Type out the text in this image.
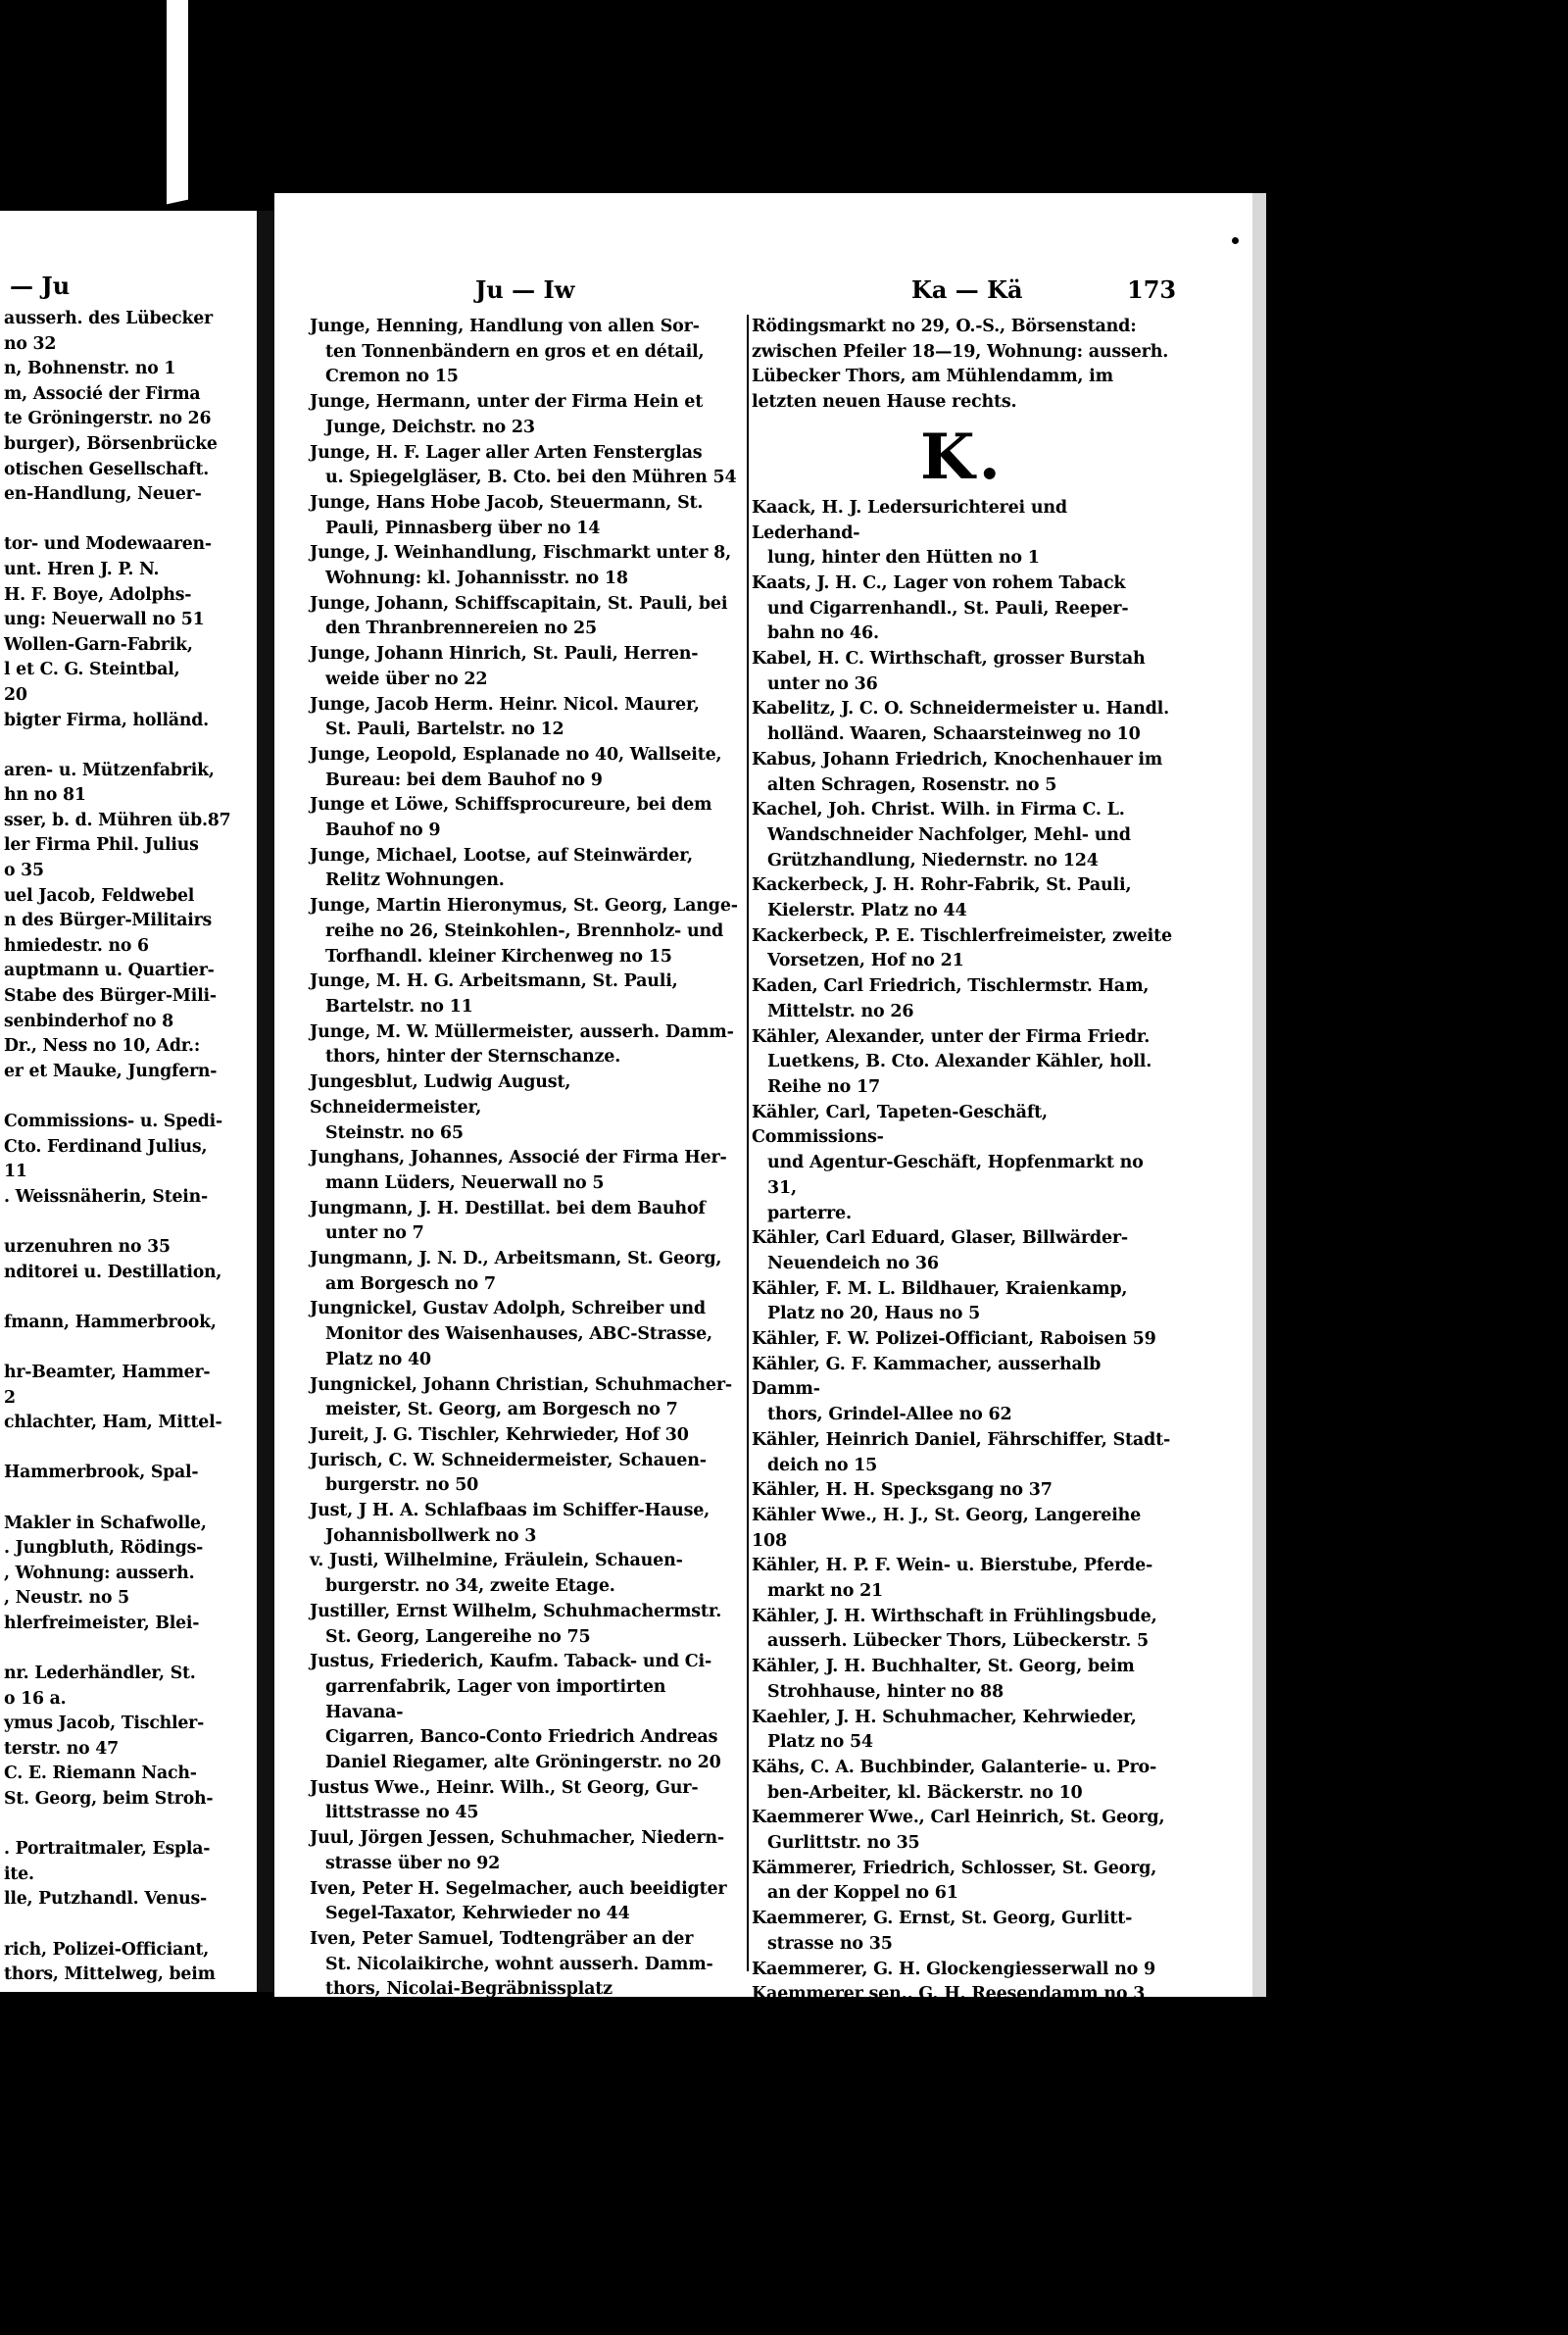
— Ju
ausserh. des Lübecker
no 32
n, Bohnenstr. no 1
m, Associé der Firma
te Gröningerstr. no 26
burger), Börsenbrücke
otischen Gesellschaft.
en-Handlung, Neuer-

tor- und Modewaaren-
unt. Hren J. P. N.
H. F. Boye, Adolphs-
ung: Neuerwall no 51
Wollen-Garn-Fabrik,
l et C. G. Steintbal,
20
bigter Firma, holländ.

aren- u. Mützenfabrik,
hn no 81
sser, b. d. Mühren üb.87
ler Firma Phil. Julius
o 35
uel Jacob, Feldwebel
n des Bürger-Militairs
hmiedestr. no 6
auptmann u. Quartier-
Stabe des Bürger-Mili-
senbinderhof no 8
Dr., Ness no 10, Adr.:
er et Mauke, Jungfern-

Commissions- u. Spedi-
Cto. Ferdinand Julius,
11
. Weissnäherin, Stein-

urzenuhren no 35
nditorei u. Destillation,

fmann, Hammerbrook,

hr-Beamter, Hammer-
2
chlachter, Ham, Mittel-

Hammerbrook, Spal-

Makler in Schafwolle,
. Jungbluth, Rödings-
, Wohnung: ausserh.
, Neustr. no 5
hlerfreimeister, Blei-

nr. Lederhändler, St.
o 16 a.
ymus Jacob, Tischler-
terstr. no 47
C. E. Riemann Nach-
St. Georg, beim Stroh-

. Portraitmaler, Espla-
ite.
lle, Putzhandl. Venus-

rich, Polizei-Officiant,
thors, Mittelweg, beim

, Glasermeister, kobe

andlung, neust. Fuhlen-
Ju — Iw	Ka — Kä	173
Junge, Henning, Handlung von allen Sor-
ten Tonnenbändern en gros et en détail,
Cremon no 15
Junge, Hermann, unter der Firma Hein et
Junge, Deichstr. no 23
Junge, H. F. Lager aller Arten Fensterglas
u. Spiegelgläser, B. Cto. bei den Mühren 54
Junge, Hans Hobe Jacob, Steuermann, St.
Pauli, Pinnasberg über no 14
Junge, J. Weinhandlung, Fischmarkt unter 8,
Wohnung: kl. Johannisstr. no 18
Junge, Johann, Schiffscapitain, St. Pauli, bei
den Thranbrennereien no 25
Junge, Johann Hinrich, St. Pauli, Herren-
weide über no 22
Junge, Jacob Herm. Heinr. Nicol. Maurer,
St. Pauli, Bartelstr. no 12
Junge, Leopold, Esplanade no 40, Wallseite,
Bureau: bei dem Bauhof no 9
Junge et Löwe, Schiffsprocureure, bei dem
Bauhof no 9
Junge, Michael, Lootse, auf Steinwärder,
Relitz Wohnungen.
Junge, Martin Hieronymus, St. Georg, Lange-
reihe no 26, Steinkohlen-, Brennholz- und
Torfhandl. kleiner Kirchenweg no 15
Junge, M. H. G. Arbeitsmann, St. Pauli,
Bartelstr. no 11
Junge, M. W. Müllermeister, ausserh. Damm-
thors, hinter der Sternschanze.
Jungesblut, Ludwig August, Schneidermeister,
Steinstr. no 65
Junghans, Johannes, Associé der Firma Her-
mann Lüders, Neuerwall no 5
Jungmann, J. H. Destillat. bei dem Bauhof
unter no 7
Jungmann, J. N. D., Arbeitsmann, St. Georg,
am Borgesch no 7
Jungnickel, Gustav Adolph, Schreiber und
Monitor des Waisenhauses, ABC-Strasse,
Platz no 40
Jungnickel, Johann Christian, Schuhmacher-
meister, St. Georg, am Borgesch no 7
Jureit, J. G. Tischler, Kehrwieder, Hof 30
Jurisch, C. W. Schneidermeister, Schauen-
burgerstr. no 50
Just, J H. A. Schlafbaas im Schiffer-Hause,
Johannisbollwerk no 3
v. Justi, Wilhelmine, Fräulein, Schauen-
burgerstr. no 34, zweite Etage.
Justiller, Ernst Wilhelm, Schuhmachermstr.
St. Georg, Langereihe no 75
Justus, Friederich, Kaufm. Taback- und Ci-
garrenfabrik, Lager von importirten Havana-
Cigarren, Banco-Conto Friedrich Andreas
Daniel Riegamer, alte Gröningerstr. no 20
Justus Wwe., Heinr. Wilh., St Georg, Gur-
littstrasse no 45
Juul, Jörgen Jessen, Schuhmacher, Niedern-
strasse über no 92
Iven, Peter H. Segelmacher, auch beeidigter
Segel-Taxator, Kehrwieder no 44
Iven, Peter Samuel, Todtengräber an der
St. Nicolaikirche, wohnt ausserh. Damm-
thors, Nicolai-Begräbnissplatz
Iven, Wilh. Segelmacher, Kehrwieder no 44
Iversen Wwe., Lorenz, St. Pauli, Heinrich-
strasse no 8
Iwersen, C. L. W. Commission u. Spedition,
Banco-Conto Carl Ludwig Wilhelm Iwer-
sen, General-Bevollmächtigter der kaiserl.
königl. priv. Azienda Assicuratrice, Feuer-,
Land- und Flusstransport- und Lebensver-
sicherungs Gesellschaft in Triest, Compt:
Rödingsmarkt no 29, O.-S., Börsenstand:
zwischen Pfeiler 18—19, Wohnung: ausserh.
Lübecker Thors, am Mühlendamm, im
letzten neuen Hause rechts.
K.
Kaack, H. J. Ledersurichterei und Lederhand-
lung, hinter den Hütten no 1
Kaats, J. H. C., Lager von rohem Taback
und Cigarrenhandl., St. Pauli, Reeper-
bahn no 46.
Kabel, H. C. Wirthschaft, grosser Burstah
unter no 36
Kabelitz, J. C. O. Schneidermeister u. Handl.
holländ. Waaren, Schaarsteinweg no 10
Kabus, Johann Friedrich, Knochenhauer im
alten Schragen, Rosenstr. no 5
Kachel, Joh. Christ. Wilh. in Firma C. L.
Wandschneider Nachfolger, Mehl- und
Grützhandlung, Niedernstr. no 124
Kackerbeck, J. H. Rohr-Fabrik, St. Pauli,
Kielerstr. Platz no 44
Kackerbeck, P. E. Tischlerfreimeister, zweite
Vorsetzen, Hof no 21
Kaden, Carl Friedrich, Tischlermstr. Ham,
Mittelstr. no 26
Kähler, Alexander, unter der Firma Friedr.
Luetkens, B. Cto. Alexander Kähler, holl.
Reihe no 17
Kähler, Carl, Tapeten-Geschäft, Commissions-
und Agentur-Geschäft, Hopfenmarkt no 31,
parterre.
Kähler, Carl Eduard, Glaser, Billwärder-
Neuendeich no 36
Kähler, F. M. L. Bildhauer, Kraienkamp,
Platz no 20, Haus no 5
Kähler, F. W. Polizei-Officiant, Raboisen 59
Kähler, G. F. Kammacher, ausserhalb Damm-
thors, Grindel-Allee no 62
Kähler, Heinrich Daniel, Fährschiffer, Stadt-
deich no 15
Kähler, H. H. Specksgang no 37
Kähler Wwe., H. J., St. Georg, Langereihe 108
Kähler, H. P. F. Wein- u. Bierstube, Pferde-
markt no 21
Kähler, J. H. Wirthschaft in Frühlingsbude,
ausserh. Lübecker Thors, Lübeckerstr. 5
Kähler, J. H. Buchhalter, St. Georg, beim
Strohhause, hinter no 88
Kaehler, J. H. Schuhmacher, Kehrwieder,
Platz no 54
Kähs, C. A. Buchbinder, Galanterie- u. Pro-
ben-Arbeiter, kl. Bäckerstr. no 10
Kaemmerer Wwe., Carl Heinrich, St. Georg,
Gurlittstr. no 35
Kämmerer, Friedrich, Schlosser, St. Georg,
an der Koppel no 61
Kaemmerer, G. Ernst, St. Georg, Gurlitt-
strasse no 35
Kaemmerer, G. H. Glockengiesserwall no 9
Kaemmerer sen., G. H. Reesendamm no 3
Kaemmerer jun., G. H. unter nachstehender
Firma, Reesendamm no 3
Kaemmerer, G. H. Söhne, Kaufleute, B. Cto.
G. H. et W. H. Kaemmerer, Poststr. 17
Kaemmerer, Wilh. H. unter obiger Firma,
Poststr. no 17
Kämmerer, Georg Ludwig, Weissbäcker, Stein-
strasse no 84
Kämmerer, H. C. Schneidermeister, gr. Neu-
markt über no 14
Kämmerer Wwe., Jürg. Heinr. Wilh. Häring-
handl. Teilfeld unter no 31
